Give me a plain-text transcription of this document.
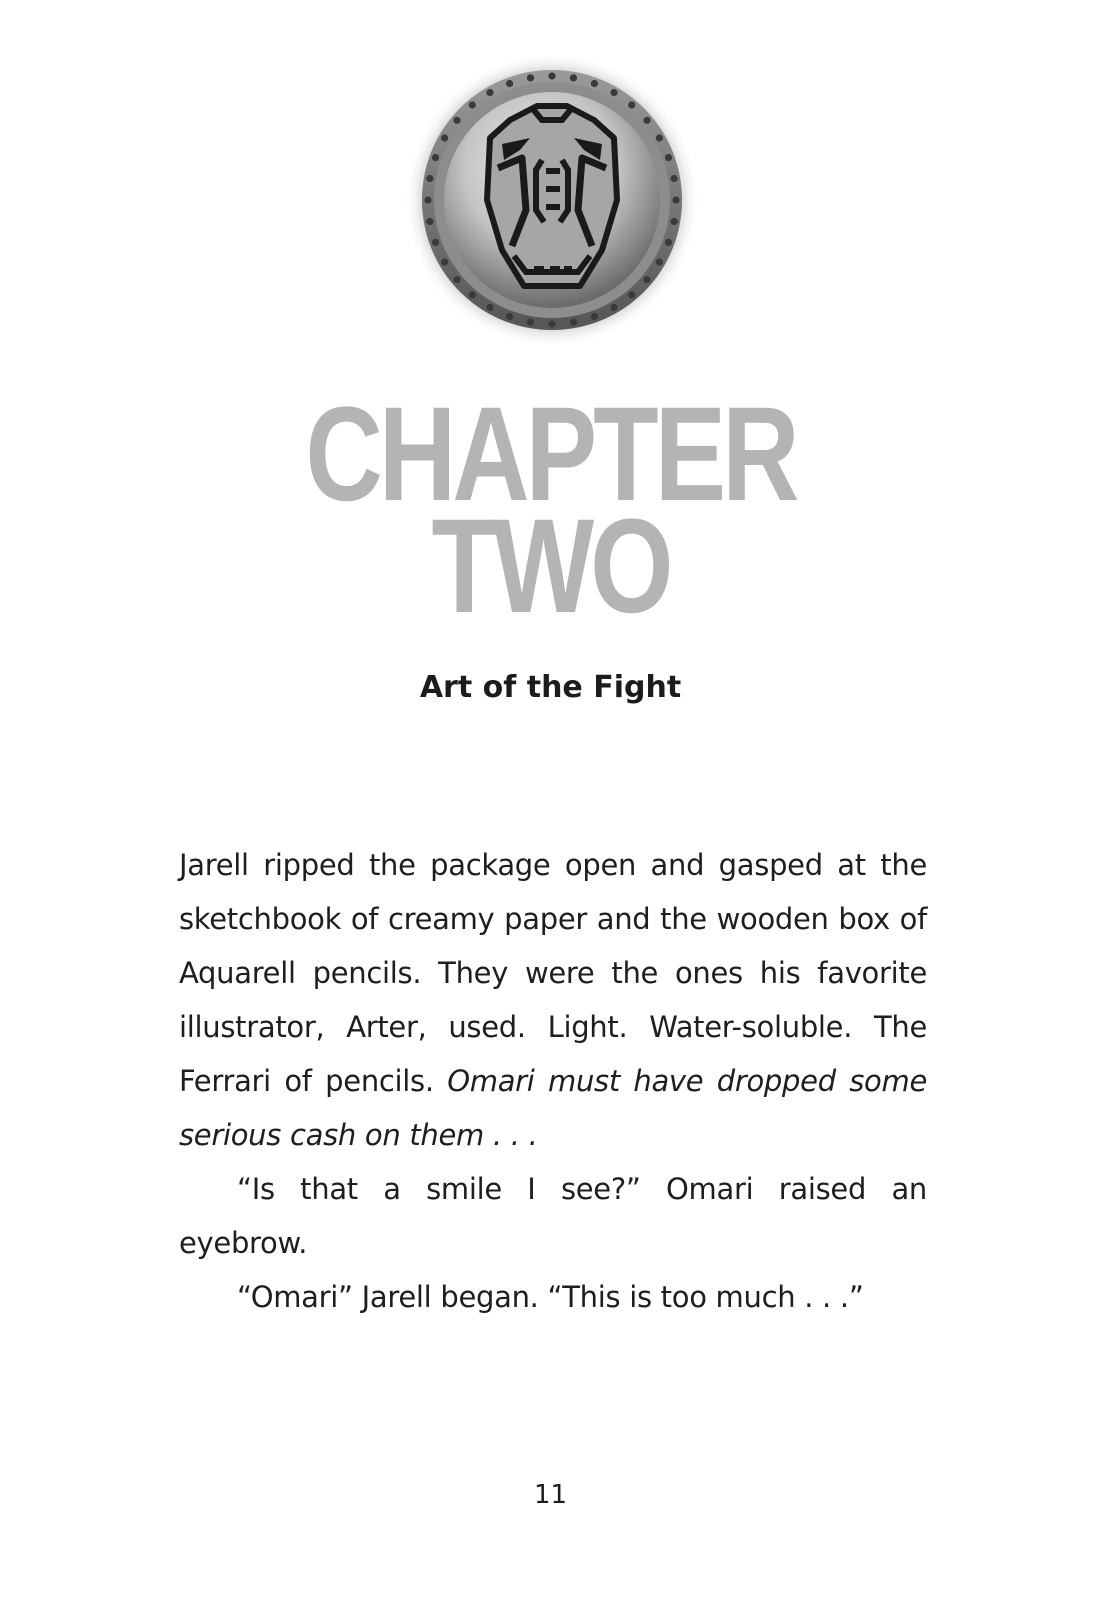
CHAPTER
TWO
Art of the Fight

Jarell ripped the package open and gasped at the sketchbook of creamy paper and the wooden box of Aquarell pencils. They were the ones his favorite illustrator, Arter, used. Light. Water-soluble. The Ferrari of pencils. Omari must have dropped some serious cash on them . . .

“Is that a smile I see?” Omari raised an eyebrow.

“Omari” Jarell began. “This is too much . . .”

11
